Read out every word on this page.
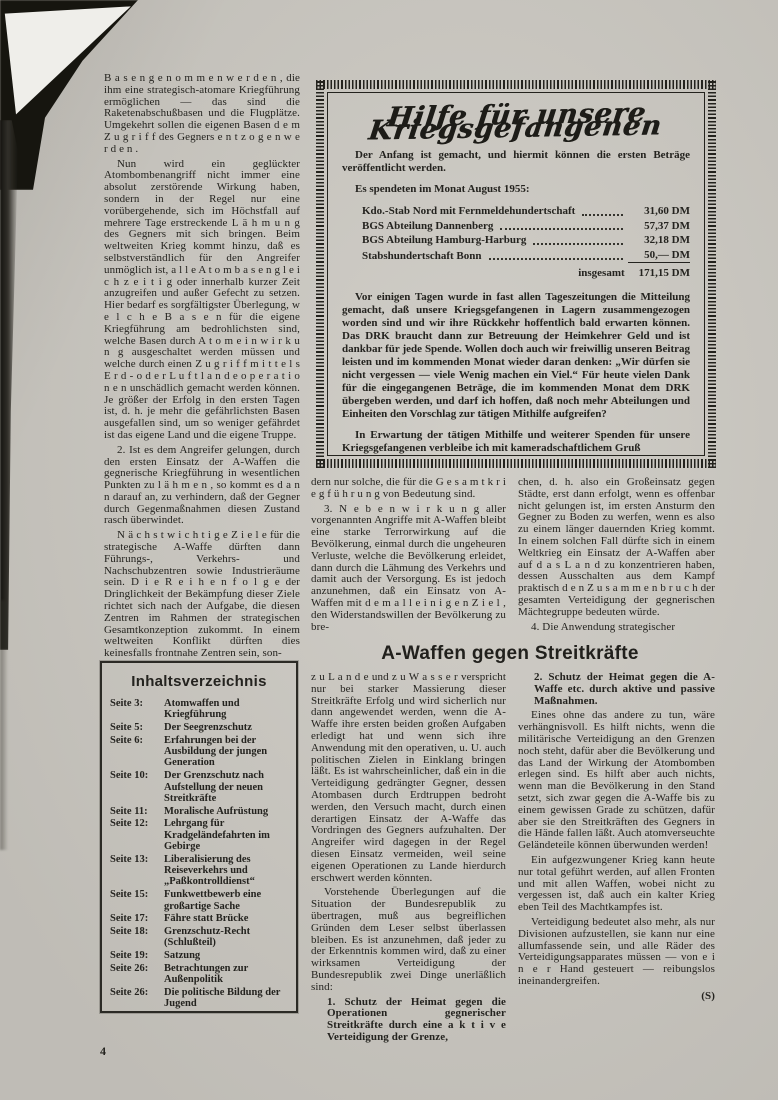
B a s e n g e n o m m e n w e r d e n , die ihm eine strategisch-atomare Kriegführung ermöglichen — das sind die Raketenabschußbasen und die Flugplätze. Umgekehrt sollen die eigenen Basen d e m Z u g r i f f des Gegners e n t z o g e n w e r d e n .

Nun wird ein geglückter Atombombenangriff nicht immer eine absolut zerstörende Wirkung haben, sondern in der Regel nur eine vorübergehende, sich im Höchstfall auf mehrere Tage erstreckende L ä h m u n g des Gegners mit sich bringen. Beim weltweiten Krieg kommt hinzu, daß es selbstverständlich für den Angreifer unmöglich ist, a l l e A t o m b a s e n g l e i c h z e i t i g oder innerhalb kurzer Zeit anzugreifen und außer Gefecht zu setzen. Hier bedarf es sorgfältigster Überlegung, w e l c h e B a s e n für die eigene Kriegführung am bedrohlichsten sind, welche Basen durch A t o m e i n w i r k u n g ausgeschaltet werden müssen und welche durch einen Z u g r i f f m i t t e l s E r d - o d e r L u f t l a n d e o p e r a t i o n e n unschädlich gemacht werden können. Je größer der Erfolg in den ersten Tagen ist, d. h. je mehr die gefährlichsten Basen ausgefallen sind, um so weniger gefährdet ist das eigene Land und die eigene Truppe.

2. Ist es dem Angreifer gelungen, durch den ersten Einsatz der A-Waffen die gegnerische Kriegführung in wesentlichen Punkten zu l ä h m e n , so kommt es d a n n darauf an, zu verhindern, daß der Gegner durch Gegenmaßnahmen diesen Zustand rasch überwindet.

N ä c h s t w i c h t i g e Z i e l e für die strategische A-Waffe dürften dann Führungs-, Verkehrs- und Nachschubzentren sowie Industrieräume sein. D i e R e i h e n f o l g e der Dringlichkeit der Bekämpfung dieser Ziele richtet sich nach der Aufgabe, die diesen Zentren im Rahmen der strategischen Gesamtkonzeption zukommt. In einem weltweiten Konflikt dürften dies keinesfalls frontnahe Zentren sein, son-

Hilfe für unsere Kriegsgefangenen

Der Anfang ist gemacht, und hiermit können die ersten Beträge veröffentlicht werden.

Es spendeten im Monat August 1955:

Kdo.-Stab Nord mit Fernmeldehundertschaft	31,60 DM
BGS Abteilung Dannenberg	57,37 DM
BGS Abteilung Hamburg-Harburg	32,18 DM
Stabshundertschaft Bonn	50,— DM
insgesamt 171,15 DM

Vor einigen Tagen wurde in fast allen Tageszeitungen die Mitteilung gemacht, daß unsere Kriegsgefangenen in Lagern zusammengezogen worden sind und wir ihre Rückkehr hoffentlich bald erwarten können. Das DRK braucht dann zur Betreuung der Heimkehrer Geld und ist dankbar für jede Spende. Wollen doch auch wir freiwillig unseren Beitrag leisten und im kommenden Monat wieder daran denken: „Wir dürfen sie nicht vergessen — viele Wenig machen ein Viel.“ Für heute vielen Dank für die eingegangenen Beträge, die im kommenden Monat dem DRK übergeben werden, und darf ich hoffen, daß noch mehr Abteilungen und Einheiten den Vorschlag zur tätigen Mithilfe aufgreifen?

In Erwartung der tätigen Mithilfe und weiterer Spenden für unsere Kriegsgefangenen verbleibe ich mit kameradschaftlichem Gruß

dern nur solche, die für die G e s a m t k r i e g f ü h r u n g von Bedeutung sind.

3. N e b e n w i r k u n g aller vorgenannten Angriffe mit A-Waffen bleibt eine starke Terrorwirkung auf die Bevölkerung, einmal durch die ungeheuren Verluste, welche die Bevölkerung erleidet, dann durch die Lähmung des Verkehrs und damit auch der Versorgung. Es ist jedoch anzunehmen, daß ein Einsatz von A-Waffen mit d e m a l l e i n i g e n Z i e l , den Widerstandswillen der Bevölkerung zu bre-

chen, d. h. also ein Großeinsatz gegen Städte, erst dann erfolgt, wenn es offenbar nicht gelungen ist, im ersten Ansturm den Gegner zu Boden zu werfen, wenn es also zu einem länger dauernden Krieg kommt. In einem solchen Fall dürfte sich in einem Weltkrieg ein Einsatz der A-Waffen aber auf d a s L a n d zu konzentrieren haben, dessen Ausschalten aus dem Kampf praktisch d e n Z u s a m m e n b r u c h der gesamten Verteidigung der gegnerischen Mächtegruppe bedeuten würde.

4. Die Anwendung strategischer

A-Waffen gegen Streitkräfte

z u L a n d e und z u W a s s e r verspricht nur bei starker Massierung dieser Streitkräfte Erfolg und wird sicherlich nur dann angewendet werden, wenn die A-Waffe ihre ersten beiden großen Aufgaben erledigt hat und wenn sich ihre Anwendung mit den operativen, u. U. auch politischen Zielen in Einklang bringen läßt. Es ist wahrscheinlicher, daß ein in die Verteidigung gedrängter Gegner, dessen Atombasen durch Erdtruppen bedroht werden, den Versuch macht, durch einen derartigen Einsatz der A-Waffe das Vordringen des Gegners aufzuhalten. Der Angreifer wird dagegen in der Regel diesen Einsatz vermeiden, weil seine eigenen Operationen zu Lande hierdurch erschwert werden könnten.

Vorstehende Überlegungen auf die Situation der Bundesrepublik zu übertragen, muß aus begreiflichen Gründen dem Leser selbst überlassen bleiben. Es ist anzunehmen, daß jeder zu der Erkenntnis kommen wird, daß zu einer wirksamen Verteidigung der Bundesrepublik zwei Dinge unerläßlich sind:

1. Schutz der Heimat gegen die Operationen gegnerischer Streitkräfte durch eine a k t i v e Verteidigung der Grenze,

2. Schutz der Heimat gegen die A-Waffe etc. durch aktive und passive Maßnahmen.

Eines ohne das andere zu tun, wäre verhängnisvoll. Es hilft nichts, wenn die militärische Verteidigung an den Grenzen noch steht, dafür aber die Bevölkerung und das Land der Wirkung der Atombomben erlegen sind. Es hilft aber auch nichts, wenn man die Bevölkerung in den Stand setzt, sich zwar gegen die A-Waffe bis zu einem gewissen Grade zu schützen, dafür aber sie den Streitkräften des Gegners in die Hände fallen läßt. Auch atomverseuchte Geländeteile können überwunden werden!

Ein aufgezwungener Krieg kann heute nur total geführt werden, auf allen Fronten und mit allen Waffen, wobei nicht zu vergessen ist, daß auch ein kalter Krieg eben Teil des Machtkampfes ist.

Verteidigung bedeutet also mehr, als nur Divisionen aufzustellen, sie kann nur eine allumfassende sein, und alle Räder des Verteidigungsapparates müssen — von e i n e r Hand gesteuert — reibungslos ineinandergreifen.

(S)

Inhaltsverzeichnis
Seite 3:	Atomwaffen und Kriegführung
Seite 5:	Der Seegrenzschutz
Seite 6:	Erfahrungen bei der Ausbildung der jungen Generation
Seite 10:	Der Grenzschutz nach Aufstellung der neuen Streitkräfte
Seite 11:	Moralische Aufrüstung
Seite 12:	Lehrgang für Kradgeländefahrten im Gebirge
Seite 13:	Liberalisierung des Reiseverkehrs und „Paßkontrolldienst“
Seite 15:	Funkwettbewerb eine großartige Sache
Seite 17:	Fähre statt Brücke
Seite 18:	Grenzschutz-Recht (Schlußteil)
Seite 19:	Satzung
Seite 26:	Betrachtungen zur Außenpolitik
Seite 26:	Die politische Bildung der Jugend
4
